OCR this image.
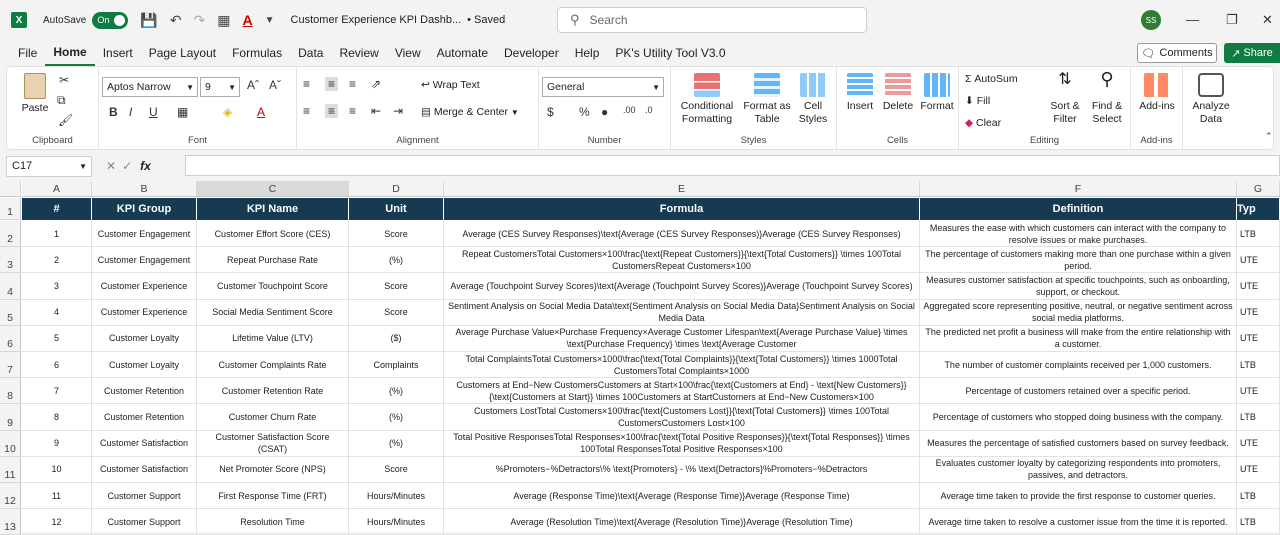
X	AutoSave On 💾 ↶ ↷ ▦ A ▼ Customer Experience KPI Dashb... • Saved	⚲ Search	SS	— ❐ ✕
File	Home	Insert	Page Layout	Formulas	Data	Review	View	Automate	Developer	Help	PK's Utility Tool V3.0	🗨 Comments ↗ Share
Paste
✂
⧉
🖌
Clipboard
Aptos Narrow ▼ 9 ▼ Aˆ Aˇ
B I U ▦	◈ A
Font
≡ ≡ ≡ ⇗
≡ ≡ ≡ ⇤ ⇥
↩ Wrap Text
▤ Merge & Center ▼
Alignment
General	▼
$ % ● .00 .0
Number
Conditional
Formatting
Format as
Table
Cell
Styles
Styles
Insert Delete Format
Cells
Σ AutoSum
⬇ Fill
◆ Clear
⇅
Sort &
Filter
⚲
Find &
Select
Editing
Add-ins
Add-ins
Analyze
Data
⌃
C17	▼ ✕✓ fx
A	B	C	D	E	F	G
1	#	KPI Group	KPI Name	Unit	Formula	Definition	Typ
2	1	Customer Engagement	Customer Effort Score (CES)	Score	Average (CES Survey Responses)\text{Average (CES Survey Responses)}Average (CES Survey Responses)
Measures the ease with which customers can interact with the company to resolve issues or make purchases.
LTB
3	2	Customer Engagement	Repeat Purchase Rate	(%)
Repeat CustomersTotal Customers×100\frac{\text{Repeat Customers}}{\text{Total Customers}} \times 100Total CustomersRepeat Customers×100
The percentage of customers making more than one purchase within a given period.
UTE
4	3	Customer Experience	Customer Touchpoint Score	Score	Average (Touchpoint Survey Scores)\text{Average (Touchpoint Survey Scores)}Average (Touchpoint Survey Scores)
Measures customer satisfaction at specific touchpoints, such as onboarding, support, or checkout.
UTE
5	4	Customer Experience	Social Media Sentiment Score	Score
Sentiment Analysis on Social Media Data\text{Sentiment Analysis on Social Media Data}Sentiment Analysis on Social Media Data
Aggregated score representing positive, neutral, or negative sentiment across social media platforms.
UTE
6	5	Customer Loyalty	Lifetime Value (LTV)	($)
Average Purchase Value×Purchase Frequency×Average Customer Lifespan\text{Average Purchase Value} \times \text{Purchase Frequency} \times \text{Average Customer
The predicted net profit a business will make from the entire relationship with a customer.
UTE
7	6	Customer Loyalty	Customer Complaints Rate	Complaints
Total ComplaintsTotal Customers×1000\frac{\text{Total Complaints}}{\text{Total Customers}} \times 1000Total CustomersTotal Complaints×1000
The number of customer complaints received per 1,000 customers.	LTB
8	7	Customer Retention	Customer Retention Rate	(%)
Customers at End−New CustomersCustomers at Start×100\frac{\text{Customers at End} - \text{New Customers}}{\text{Customers at Start}} \times 100Customers at StartCustomers at End−New Customers×100
Percentage of customers retained over a specific period.	UTE
9	8	Customer Retention	Customer Churn Rate	(%)
Customers LostTotal Customers×100\frac{\text{Customers Lost}}{\text{Total Customers}} \times 100Total CustomersCustomers Lost×100
Percentage of customers who stopped doing business with the company.	LTB
10	9	Customer Satisfaction
Customer Satisfaction Score (CSAT)
(%)
Total Positive ResponsesTotal Responses×100\frac{\text{Total Positive Responses}}{\text{Total Responses}} \times 100Total ResponsesTotal Positive Responses×100
Measures the percentage of satisfied customers based on survey feedback.	UTE
11	10	Customer Satisfaction	Net Promoter Score (NPS)	Score	%Promoters−%Detractors\% \text{Promoters} - \% \text{Detractors}%Promoters−%Detractors
Evaluates customer loyalty by categorizing respondents into promoters, passives, and detractors.
UTE
12	11	Customer Support	First Response Time (FRT)	Hours/Minutes	Average (Response Time)\text{Average (Response Time)}Average (Response Time)	Average time taken to provide the first response to customer queries.	LTB
13	12	Customer Support	Resolution Time	Hours/Minutes	Average (Resolution Time)\text{Average (Resolution Time)}Average (Resolution Time)	Average time taken to resolve a customer issue from the time it is reported.	LTB
